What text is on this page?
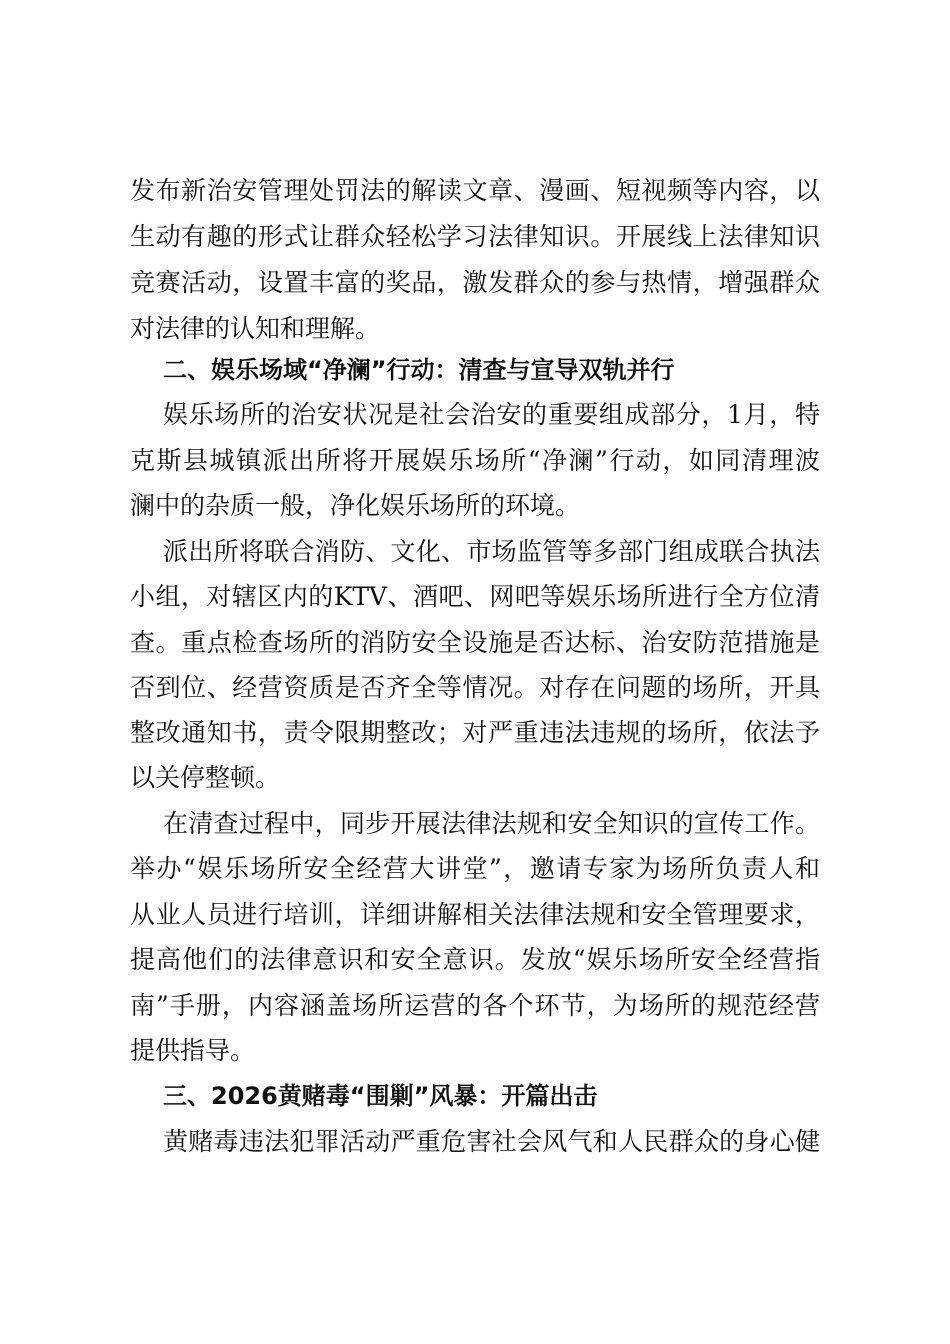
发布新治安管理处罚法的解读文章、漫画、短视频等内容，以
生动有趣的形式让群众轻松学习法律知识。开展线上法律知识
竞赛活动，设置丰富的奖品，激发群众的参与热情，增强群众
对法律的认知和理解。
二、娱乐场域“净澜”行动：清查与宣导双轨并行
娱乐场所的治安状况是社会治安的重要组成部分，1月，特
克斯县城镇派出所将开展娱乐场所“净澜”行动，如同清理波
澜中的杂质一般，净化娱乐场所的环境。
派出所将联合消防、文化、市场监管等多部门组成联合执法
小组，对辖区内的KTV、酒吧、网吧等娱乐场所进行全方位清
查。重点检查场所的消防安全设施是否达标、治安防范措施是
否到位、经营资质是否齐全等情况。对存在问题的场所，开具
整改通知书，责令限期整改；对严重违法违规的场所，依法予
以关停整顿。
在清查过程中，同步开展法律法规和安全知识的宣传工作。
举办“娱乐场所安全经营大讲堂”，邀请专家为场所负责人和
从业人员进行培训，详细讲解相关法律法规和安全管理要求，
提高他们的法律意识和安全意识。发放“娱乐场所安全经营指
南”手册，内容涵盖场所运营的各个环节，为场所的规范经营
提供指导。
三、2026黄赌毒“围剿”风暴：开篇出击
黄赌毒违法犯罪活动严重危害社会风气和人民群众的身心健
